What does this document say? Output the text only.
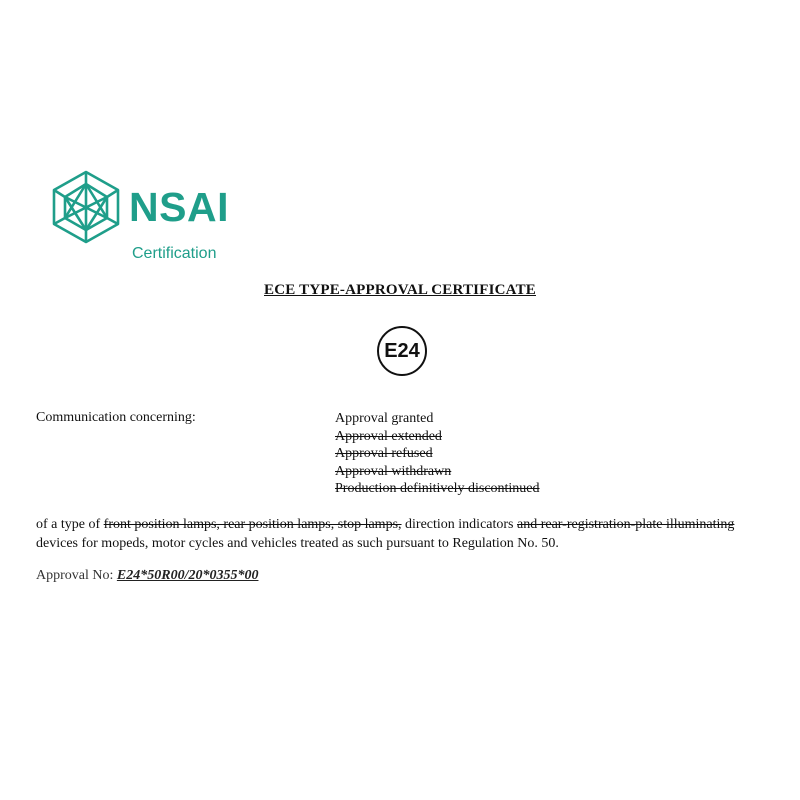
NSAI
Certification
ECE TYPE-APPROVAL CERTIFICATE
E24
Communication concerning:	Approval granted
Approval extended
Approval refused
Approval withdrawn
Production definitively discontinued
of a type of front position lamps, rear position lamps, stop lamps, direction indicators and rear-registration-plate illuminating
devices for mopeds, motor cycles and vehicles treated as such pursuant to Regulation No. 50.
Approval No: E24*50R00/20*0355*00
